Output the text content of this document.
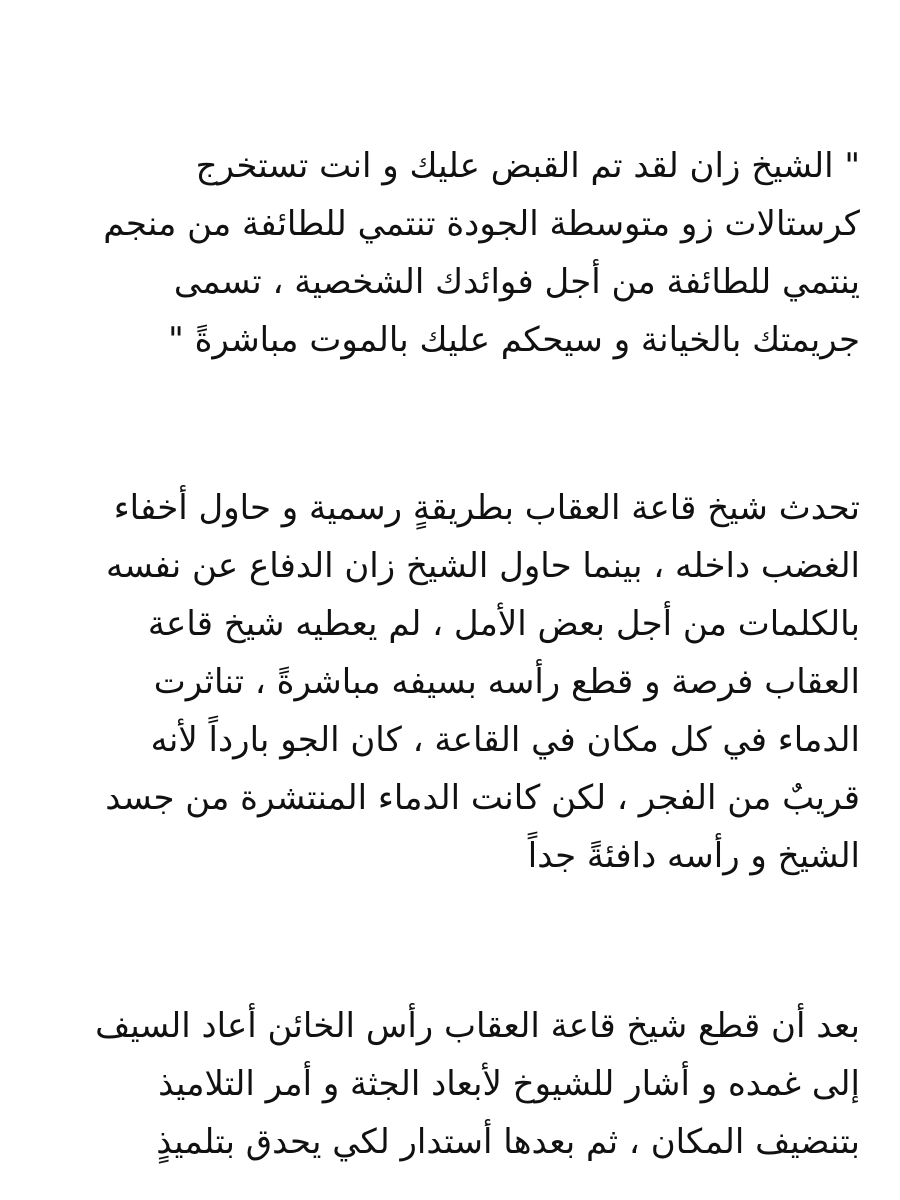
" الشيخ زان لقد تم القبض عليك و انت تستخرج
كرستالات زو متوسطة الجودة تنتمي للطائفة من منجم
ينتمي للطائفة من أجل فوائدك الشخصية ، تسمى
جريمتك بالخيانة و سيحكم عليك بالموت مباشرةً "
تحدث شيخ قاعة العقاب بطريقةٍ رسمية و حاول أخفاء
الغضب داخله ، بينما حاول الشيخ زان الدفاع عن نفسه
بالكلمات من أجل بعض الأمل ، لم يعطيه شيخ قاعة
العقاب فرصة و قطع رأسه بسيفه مباشرةً ، تناثرت
الدماء في كل مكان في القاعة ، كان الجو بارداً لأنه
قريبٌ من الفجر ، لكن كانت الدماء المنتشرة من جسد
الشيخ و رأسه دافئةً جداً
بعد أن قطع شيخ قاعة العقاب رأس الخائن أعاد السيف
إلى غمده و أشار للشيوخ لأبعاد الجثة و أمر التلاميذ
بتنضيف المكان ، ثم بعدها أستدار لكي يحدق بتلميذٍ
